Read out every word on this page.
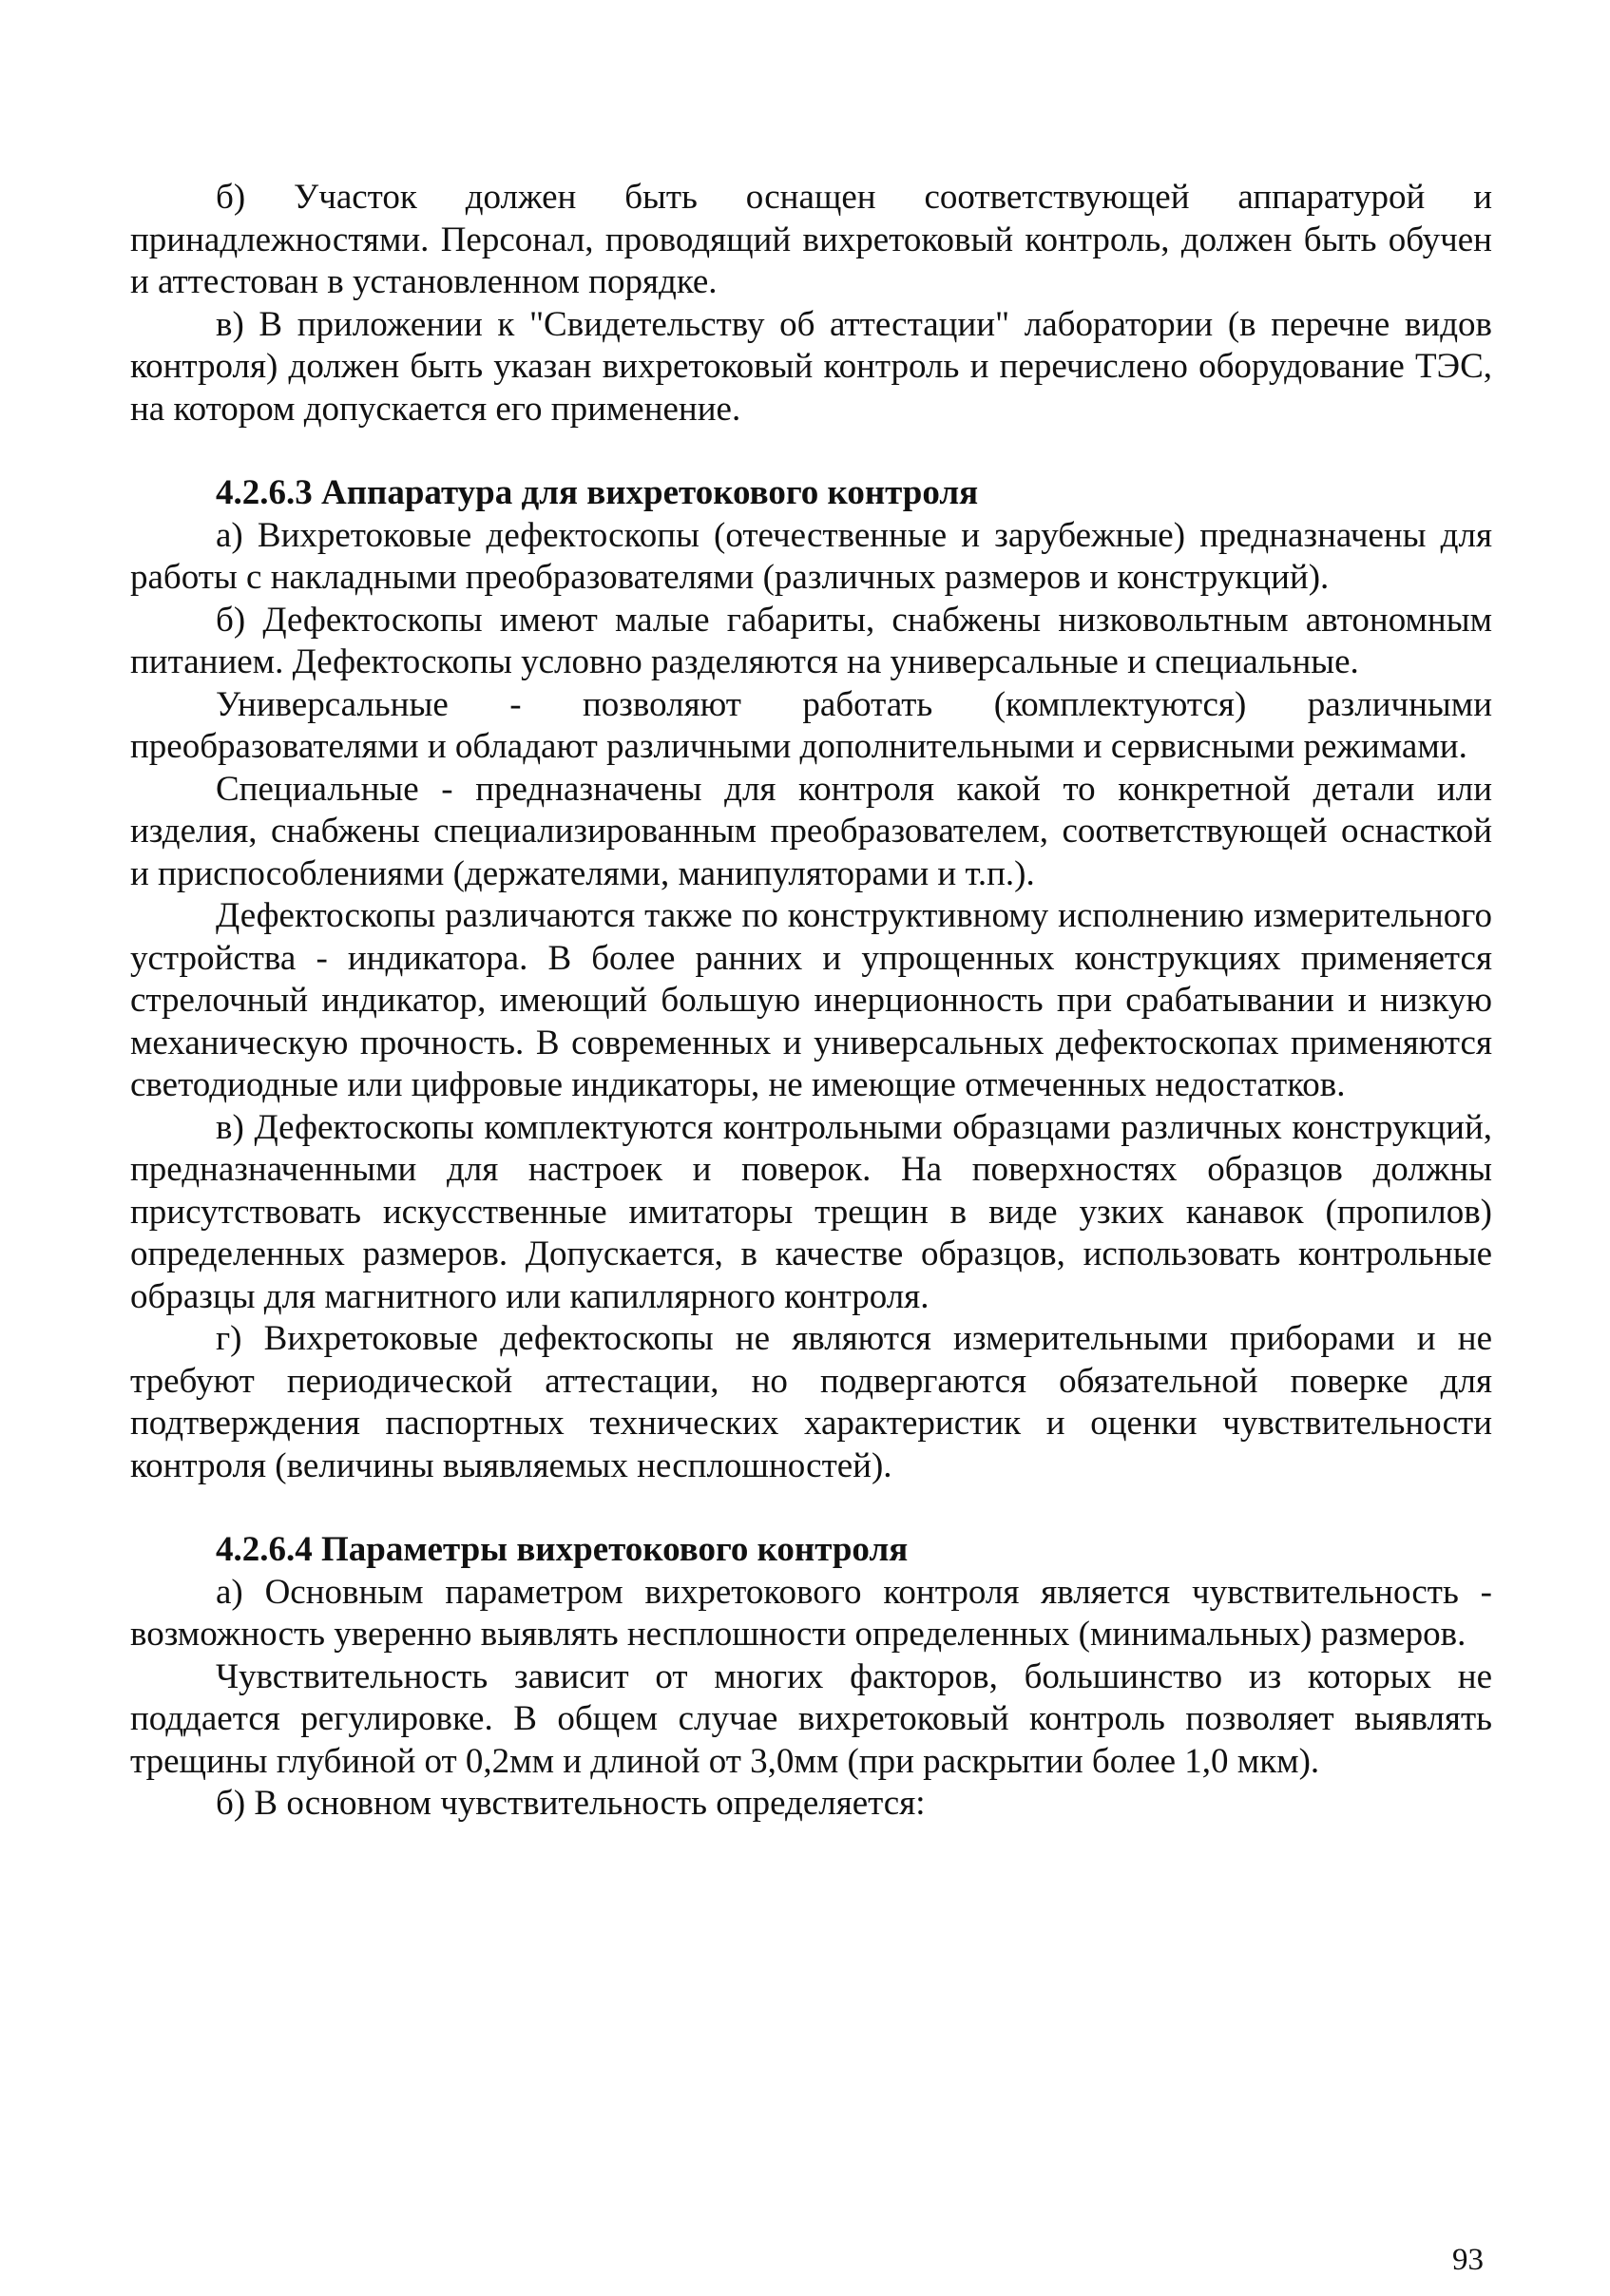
б) Участок должен быть оснащен соответствующей аппаратурой и принадлежностями. Персонал, проводящий вихретоковый контроль, должен быть обучен и аттестован в установленном порядке.

в) В приложении к "Свидетельству об аттестации" лаборатории (в перечне видов контроля) должен быть указан вихретоковый контроль и перечислено оборудование ТЭС, на котором допускается его применение.

4.2.6.3 Аппаратура для вихретокового контроля

а) Вихретоковые дефектоскопы (отечественные и зарубежные) предназначены для работы с накладными преобразователями (различных размеров и конструкций).

б) Дефектоскопы имеют малые габариты, снабжены низковольтным автономным питанием. Дефектоскопы условно разделяются на универсальные и специальные.

Универсальные - позволяют работать (комплектуются) различными преобразователями и обладают различными дополнительными и сервисными режимами.

Специальные - предназначены для контроля какой то конкретной детали или изделия, снабжены специализированным преобразователем, соответствующей оснасткой и приспособлениями (держателями, манипуляторами и т.п.).

Дефектоскопы различаются также по конструктивному исполнению измерительного устройства - индикатора. В более ранних и упрощенных конструкциях применяется стрелочный индикатор, имеющий большую инерционность при срабатывании и низкую механическую прочность. В современных и универсальных дефектоскопах применяются светодиодные или цифровые индикаторы, не имеющие отмеченных недостатков.

в) Дефектоскопы комплектуются контрольными образцами различных конструкций, предназначенными для настроек и поверок. На поверхностях образцов должны присутствовать искусственные имитаторы трещин в виде узких канавок (пропилов) определенных размеров. Допускается, в качестве образцов, использовать контрольные образцы для магнитного или капиллярного контроля.

г) Вихретоковые дефектоскопы не являются измерительными приборами и не требуют периодической аттестации, но подвергаются обязательной поверке для подтверждения паспортных технических характеристик и оценки чувствительности контроля (величины выявляемых несплошностей).

4.2.6.4 Параметры вихретокового контроля

а) Основным параметром вихретокового контроля является чувствительность - возможность уверенно выявлять несплошности определенных (минимальных) размеров.

Чувствительность зависит от многих факторов, большинство из которых не поддается регулировке. В общем случае вихретоковый контроль позволяет выявлять трещины глубиной от 0,2мм и длиной от 3,0мм (при раскрытии более 1,0 мкм).

б) В основном чувствительность определяется:

93
